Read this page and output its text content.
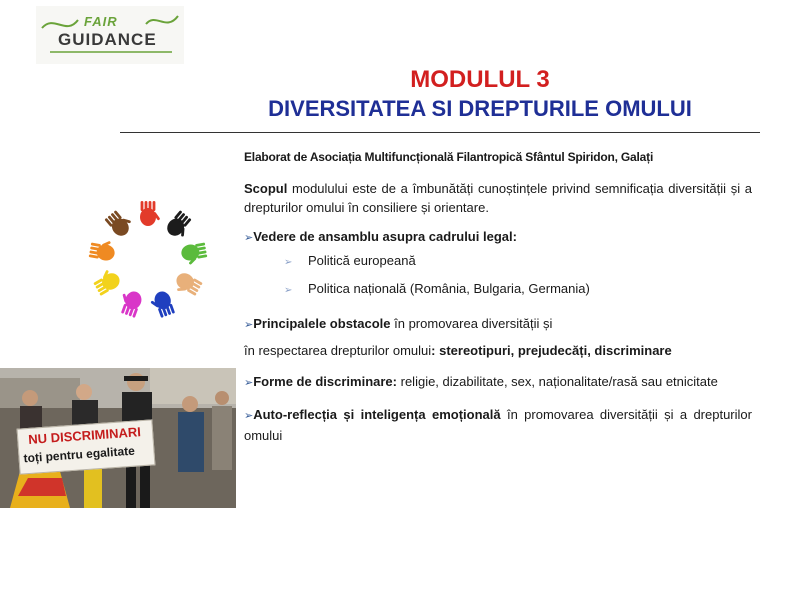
FAIR
GUIDANCE
MODULUL 3
DIVERSITATEA SI DREPTURILE OMULUI
NU DISCRIMINARI
toți pentru egalitate

Elaborat de Asociația Multifuncțională Filantropică Sfântul Spiridon, Galați

Scopul modulului este de a îmbunătăți cunoștințele privind semnificația diversității și a drepturilor omului în consiliere și orientare.

➢Vedere de ansamblu asupra cadrului legal:

➢ Politică europeană

➢ Politica națională (România, Bulgaria, Germania)

➢Principalele obstacole în promovarea diversității și

în respectarea drepturilor omului: stereotipuri, prejudecăți, discriminare

➢Forme de discriminare: religie, dizabilitate, sex, naționalitate/rasă sau etnicitate

➢Auto-reflecția și inteligența emoțională în promovarea diversității și a drepturilor omului
